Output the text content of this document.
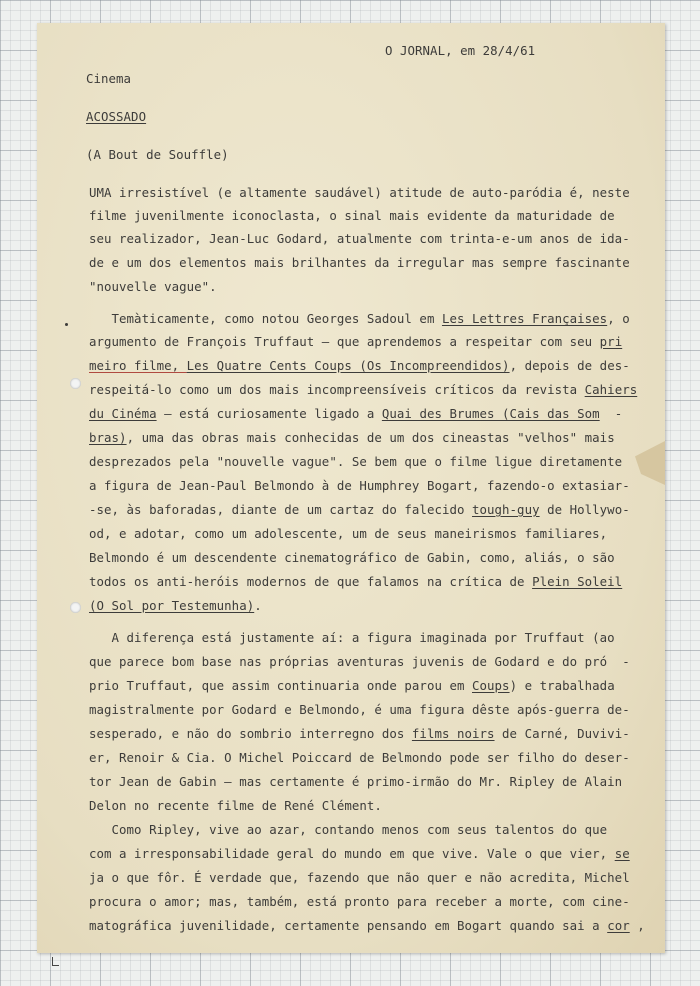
O JORNAL, em 28/4/61
Cinema
ACOSSADO
(A Bout de Souffle)
UMA irresistível (e altamente saudável) atitude de auto-paródia é, neste
filme juvenilmente iconoclasta, o sinal mais evidente da maturidade de
seu realizador, Jean-Luc Godard, atualmente com trinta-e-um anos de ida-
de e um dos elementos mais brilhantes da irregular mas sempre fascinante
"nouvelle vague".
Temàticamente, como notou Georges Sadoul em Les Lettres Françaises, o
argumento de François Truffaut — que aprendemos a respeitar com seu pri
meiro filme, Les Quatre Cents Coups (Os Incompreendidos), depois de des-
respeitá-lo como um dos mais incompreensíveis críticos da revista Cahiers
du Cinéma — está curiosamente ligado a Quai des Brumes (Cais das Som  -
bras), uma das obras mais conhecidas de um dos cineastas "velhos" mais
desprezados pela "nouvelle vague". Se bem que o filme ligue diretamente
a figura de Jean-Paul Belmondo à de Humphrey Bogart, fazendo-o extasiar-
-se, às baforadas, diante de um cartaz do falecido tough-guy de Hollywo-
od, e adotar, como um adolescente, um de seus maneirismos familiares,
Belmondo é um descendente cinematográfico de Gabin, como, aliás, o são
todos os anti-heróis modernos de que falamos na crítica de Plein Soleil
(O Sol por Testemunha).
A diferença está justamente aí: a figura imaginada por Truffaut (ao
que parece bom base nas próprias aventuras juvenis de Godard e do pró  -
prio Truffaut, que assim continuaria onde parou em Coups) e trabalhada
magistralmente por Godard e Belmondo, é uma figura dêste após-guerra de-
sesperado, e não do sombrio interregno dos films noirs de Carné, Duvivi-
er, Renoir & Cia. O Michel Poiccard de Belmondo pode ser filho do deser-
tor Jean de Gabin — mas certamente é primo-irmão do Mr. Ripley de Alain
Delon no recente filme de René Clément.
Como Ripley, vive ao azar, contando menos com seus talentos do que
com a irresponsabilidade geral do mundo em que vive. Vale o que vier, se
ja o que fôr. É verdade que, fazendo que não quer e não acredita, Michel
procura o amor; mas, também, está pronto para receber a morte, com cine-
matográfica juvenilidade, certamente pensando em Bogart quando sai a cor ,
